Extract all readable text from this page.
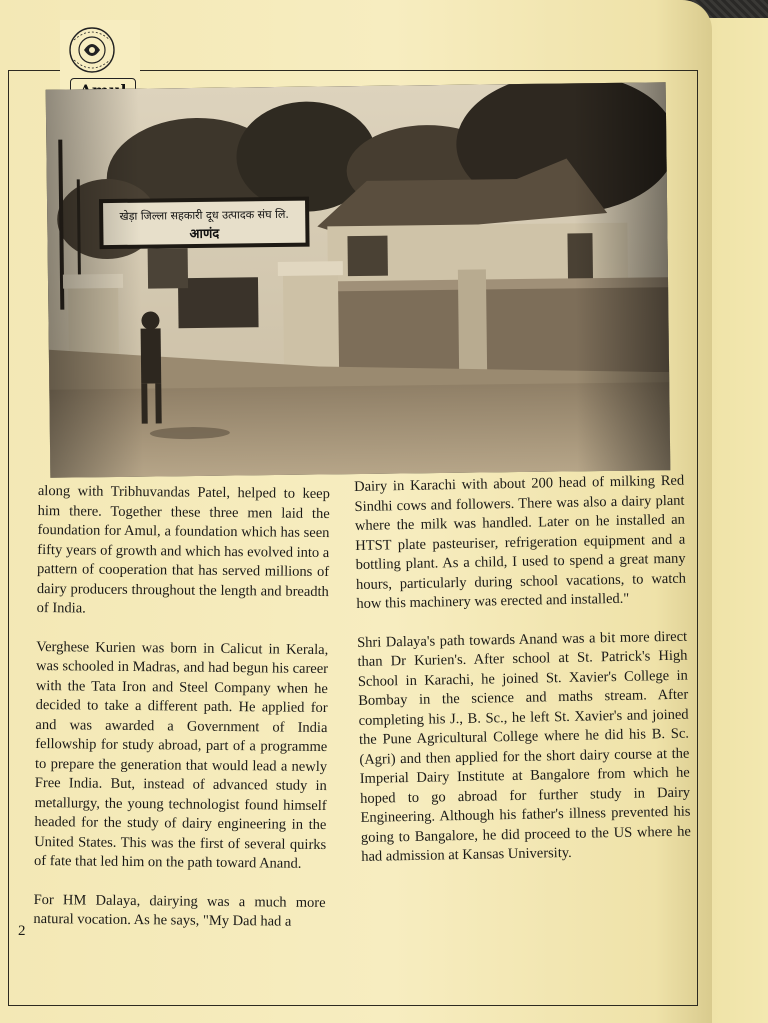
along with Tribhuvandas Patel, helped to keep him there. Together these three men laid the foundation for Amul, a foundation which has seen fifty years of growth and which has evolved into a pattern of cooperation that has served millions of dairy producers throughout the length and breadth of India.

Verghese Kurien was born in Calicut in Kerala, was schooled in Madras, and had begun his career with the Tata Iron and Steel Company when he decided to take a different path. He applied for and was awarded a Government of India fellowship for study abroad, part of a programme to prepare the generation that would lead a newly Free India. But, instead of advanced study in metallurgy, the young technologist found himself headed for the study of dairy engineering in the United States. This was the first of several quirks of fate that led him on the path toward Anand.

For HM Dalaya, dairying was a much more natural vocation. As he says, "My Dad had a

Dairy in Karachi with about 200 head of milking Red Sindhi cows and followers. There was also a dairy plant where the milk was handled. Later on he installed an HTST plate pasteuriser, refrigeration equipment and a bottling plant. As a child, I used to spend a great many hours, particularly during school vacations, to watch how this machinery was erected and installed."

Shri Dalaya's path towards Anand was a bit more direct than Dr Kurien's. After school at St. Patrick's High School in Karachi, he joined St. Xavier's College in Bombay in the science and maths stream. After completing his J., B. Sc., he left St. Xavier's and joined the Pune Agricultural College where he did his B. Sc. (Agri) and then applied for the short dairy course at the Imperial Dairy Institute at Bangalore from which he hoped to go abroad for further study in Dairy Engineering. Although his father's illness prevented his going to Bangalore, he did proceed to the US where he had admission at Kansas University.

2
